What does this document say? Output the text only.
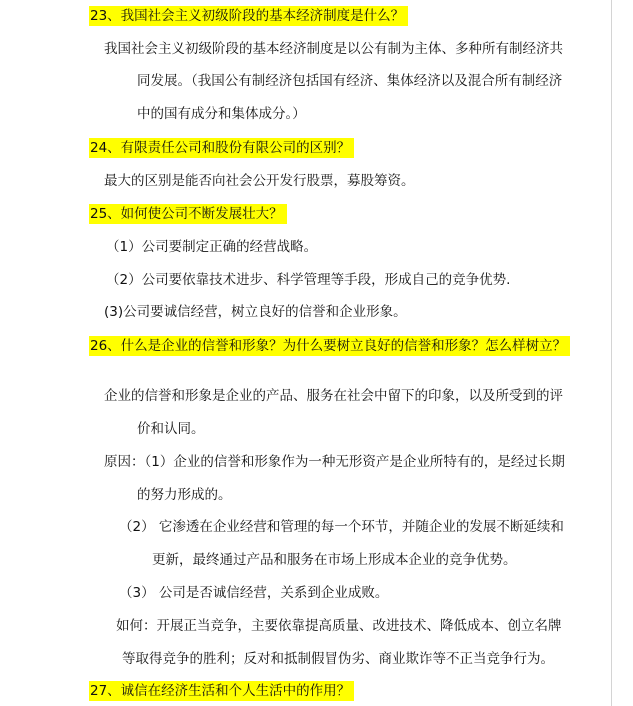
23、我国社会主义初级阶段的基本经济制度是什么？
我国社会主义初级阶段的基本经济制度是以公有制为主体、多种所有制经济共
同发展。（我国公有制经济包括国有经济、集体经济以及混合所有制经济
中的国有成分和集体成分。）
24、有限责任公司和股份有限公司的区别？
最大的区别是能否向社会公开发行股票，募股筹资。
25、如何使公司不断发展壮大？
（1）公司要制定正确的经营战略。
（2）公司要依靠技术进步、科学管理等手段，形成自己的竞争优势.
(3)公司要诚信经营，树立良好的信誉和企业形象。
26、什么是企业的信誉和形象？为什么要树立良好的信誉和形象？怎么样树立？
企业的信誉和形象是企业的产品、服务在社会中留下的印象，以及所受到的评
价和认同。
原因：（1）企业的信誉和形象作为一种无形资产是企业所特有的，是经过长期
的努力形成的。
（2） 它渗透在企业经营和管理的每一个环节，并随企业的发展不断延续和
更新，最终通过产品和服务在市场上形成本企业的竞争优势。
（3） 公司是否诚信经营，关系到企业成败。
如何：开展正当竞争，主要依靠提高质量、改进技术、降低成本、创立名牌
等取得竞争的胜利；反对和抵制假冒伪劣、商业欺诈等不正当竞争行为。
27、诚信在经济生活和个人生活中的作用？
